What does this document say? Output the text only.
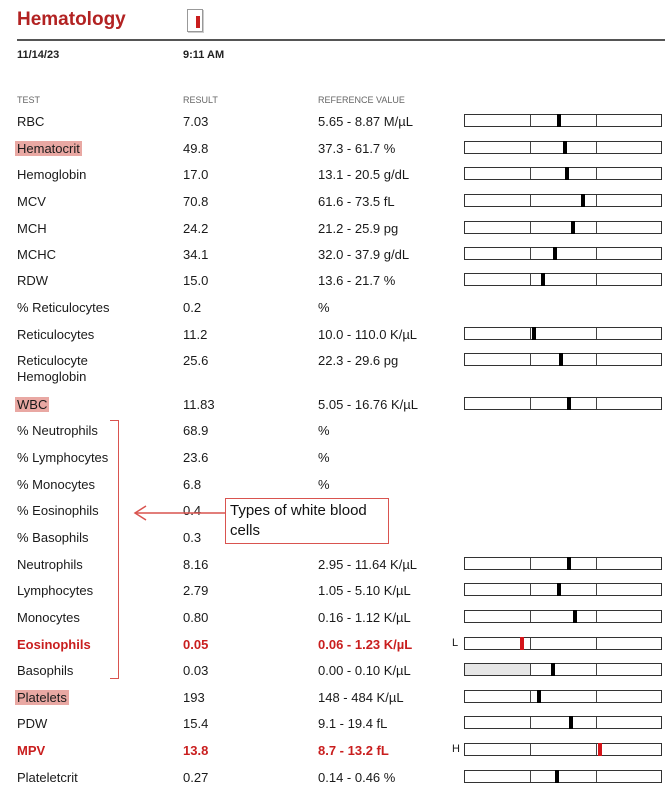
Hematology
11/14/23	9:11 AM
TEST	RESULT	REFERENCE VALUE
RBC	7.03	5.65 - 8.87 M/µL
Hematocrit	49.8	37.3 - 61.7 %
Hemoglobin	17.0	13.1 - 20.5 g/dL
MCV	70.8	61.6 - 73.5 fL
MCH	24.2	21.2 - 25.9 pg
MCHC	34.1	32.0 - 37.9 g/dL
RDW	15.0	13.6 - 21.7 %
% Reticulocytes	0.2	%
Reticulocytes	11.2	10.0 - 110.0 K/µL
Reticulocyte Hemoglobin
25.6	22.3 - 29.6 pg
WBC	11.83	5.05 - 16.76 K/µL
% Neutrophils	68.9	%
% Lymphocytes	23.6	%
% Monocytes	6.8	%
% Eosinophils	0.4
% Basophils	0.3
Neutrophils	8.16	2.95 - 11.64 K/µL
Lymphocytes	2.79	1.05 - 5.10 K/µL
Monocytes	0.80	0.16 - 1.12 K/µL
Eosinophils	0.05	0.06 - 1.23 K/µL	L
Basophils	0.03	0.00 - 0.10 K/µL
Platelets	193	148 - 484 K/µL
PDW	15.4	9.1 - 19.4 fL
MPV	13.8	8.7 - 13.2 fL	H
Plateletcrit	0.27	0.14 - 0.46 %
Types of white blood cells
